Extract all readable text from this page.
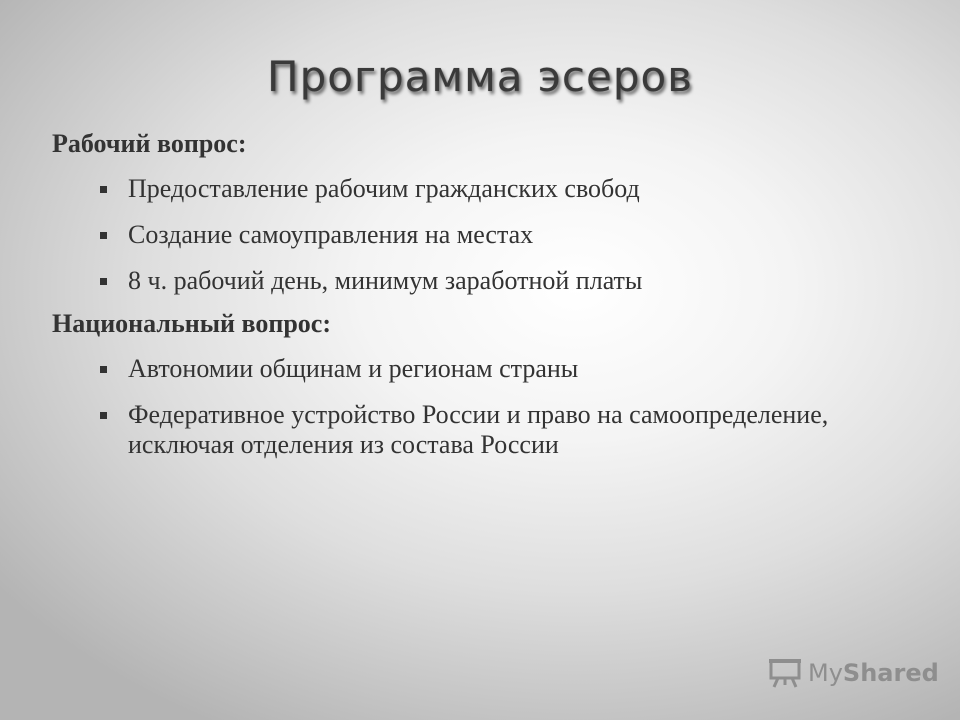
Программа эсеров

Рабочий вопрос:

Предоставление рабочим гражданских свобод
Создание самоуправления на местах
8 ч. рабочий день, минимум заработной платы

Национальный вопрос:

Автономии общинам и регионам страны
Федеративное устройство России и право на самоопределение, исключая отделения из состава России
My Shared
